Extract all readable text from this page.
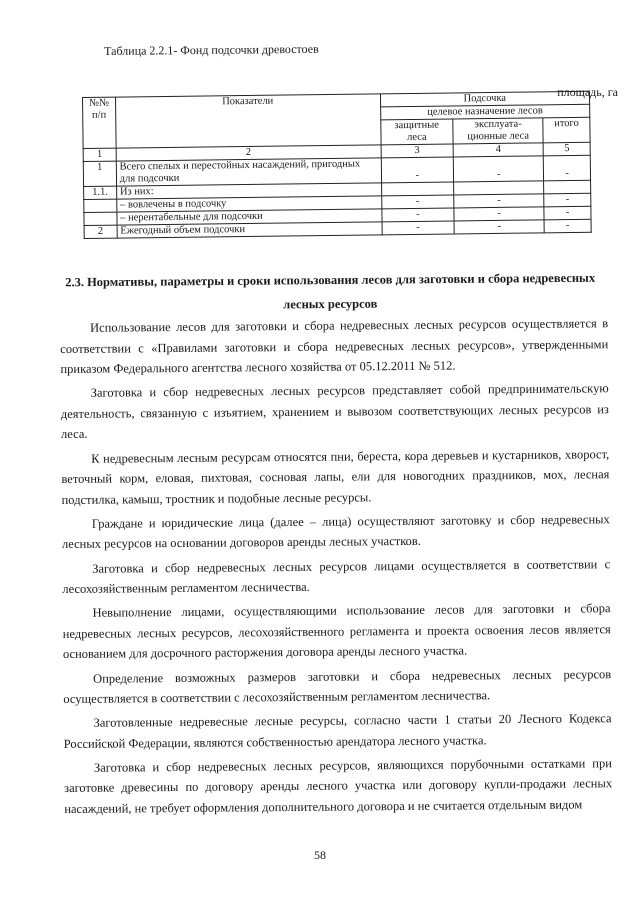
Таблица 2.2.1- Фонд подсочки древостоев
площадь, га
№№ п/п	Показатели	Подсочка		
		целевое назначение лесов		
		защитные леса	эксплуата-ционные леса	итого
1	2	3	4	5
1	Всего спелых и перестойных насаждений, пригодных для подсочки	-	-	-
1.1.	Из них:			
	– вовлечены в подсочку	-	-	-
	– нерентабельные для подсочки	-	-	-
2	Ежегодный объем подсочки	-	-	-
2.3. Нормативы, параметры и сроки использования лесов для заготовки и сбора недревесных лесных ресурсов

Использование лесов для заготовки и сбора недревесных лесных ресурсов осуществляется в соответствии с «Правилами заготовки и сбора недревесных лесных ресурсов», утвержденными приказом Федерального агентства лесного хозяйства от 05.12.2011 № 512.

Заготовка и сбор недревесных лесных ресурсов представляет собой предпринимательскую деятельность, связанную с изъятием, хранением и вывозом соответствующих лесных ресурсов из леса.

К недревесным лесным ресурсам относятся пни, береста, кора деревьев и кустарников, хворост, веточный корм, еловая, пихтовая, сосновая лапы, ели для новогодних праздников, мох, лесная подстилка, камыш, тростник и подобные лесные ресурсы.

Граждане и юридические лица (далее – лица) осуществляют заготовку и сбор недревесных лесных ресурсов на основании договоров аренды лесных участков.

Заготовка и сбор недревесных лесных ресурсов лицами осуществляется в соответствии с лесохозяйственным регламентом лесничества.

Невыполнение лицами, осуществляющими использование лесов для заготовки и сбора недревесных лесных ресурсов, лесохозяйственного регламента и проекта освоения лесов является основанием для досрочного расторжения договора аренды лесного участка.

Определение возможных размеров заготовки и сбора недревесных лесных ресурсов осуществляется в соответствии с лесохозяйственным регламентом лесничества.

Заготовленные недревесные лесные ресурсы, согласно части 1 статьи 20 Лесного Кодекса Российской Федерации, являются собственностью арендатора лесного участка.

Заготовка и сбор недревесных лесных ресурсов, являющихся порубочными остатками при заготовке древесины по договору аренды лесного участка или договору купли-продажи лесных насаждений, не требует оформления дополнительного договора и не считается отдельным видом

58
